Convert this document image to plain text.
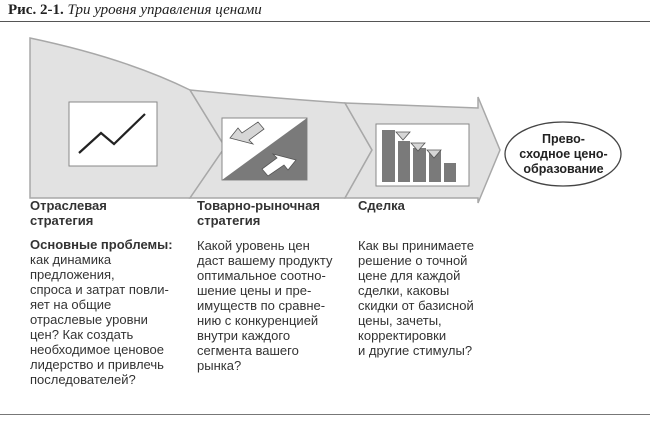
Рис. 2-1. Три уровня управления ценами
Прево-
сходное цено-
образование
Отраслевая
стратегия
Основные проблемы:
как динамика
предложения,
спроса и затрат повли-
яет на общие
отраслевые уровни
цен? Как создать
необходимое ценовое
лидерство и привлечь
последователей?
Товарно-рыночная
стратегия
Какой уровень цен
даст вашему продукту
оптимальное соотно-
шение цены и пре-
имуществ по сравне-
нию с конкуренцией
внутри каждого
сегмента вашего
рынка?
Сделка
Как вы принимаете
решение о точной
цене для каждой
сделки, каковы
скидки от базисной
цены, зачеты,
корректировки
и другие стимулы?
